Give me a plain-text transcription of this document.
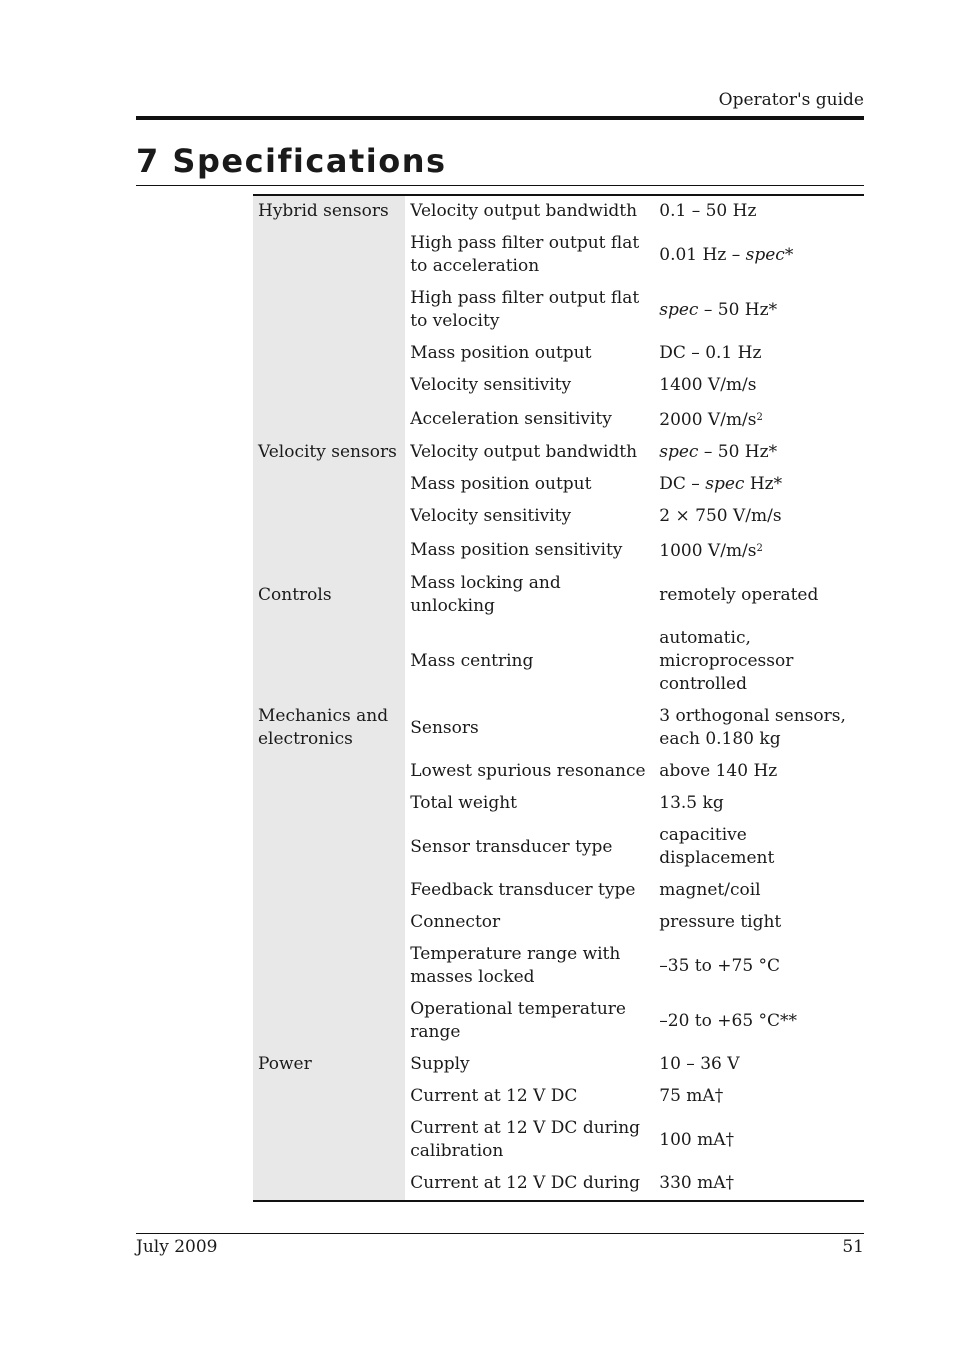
Operator's guide
7 Specifications
Hybrid sensors	Velocity output bandwidth	0.1 – 50 Hz
	High pass filter output flat to acceleration	0.01 Hz – spec*
	High pass filter output flat to velocity	spec – 50 Hz*
	Mass position output	DC – 0.1 Hz
	Velocity sensitivity	1400 V/m/s
	Acceleration sensitivity	2000 $V/m/s^2$
Velocity sensors	Velocity output bandwidth	spec – 50 Hz*
	Mass position output	DC – spec Hz*
	Velocity sensitivity	2 × 750 V/m/s
	Mass position sensitivity	1000 $V/m/s^2$
Controls	Mass locking and unlocking	remotely operated
	Mass centring	automatic, microprocessor controlled
Mechanics and electronics	Sensors	3 orthogonal sensors, each 0.180 kg
	Lowest spurious resonance	above 140 Hz
	Total weight	13.5 kg
	Sensor transducer type	capacitive displacement
	Feedback transducer type	magnet/coil
	Connector	pressure tight
	Temperature range with masses locked	–35 to +75 °C
	Operational temperature range	–20 to +65 °C**
Power	Supply	10 – 36 V
	Current at 12 V DC	75 mA†
	Current at 12 V DC during calibration	100 mA†
	Current at 12 V DC during	330 mA†
July 2009	51
